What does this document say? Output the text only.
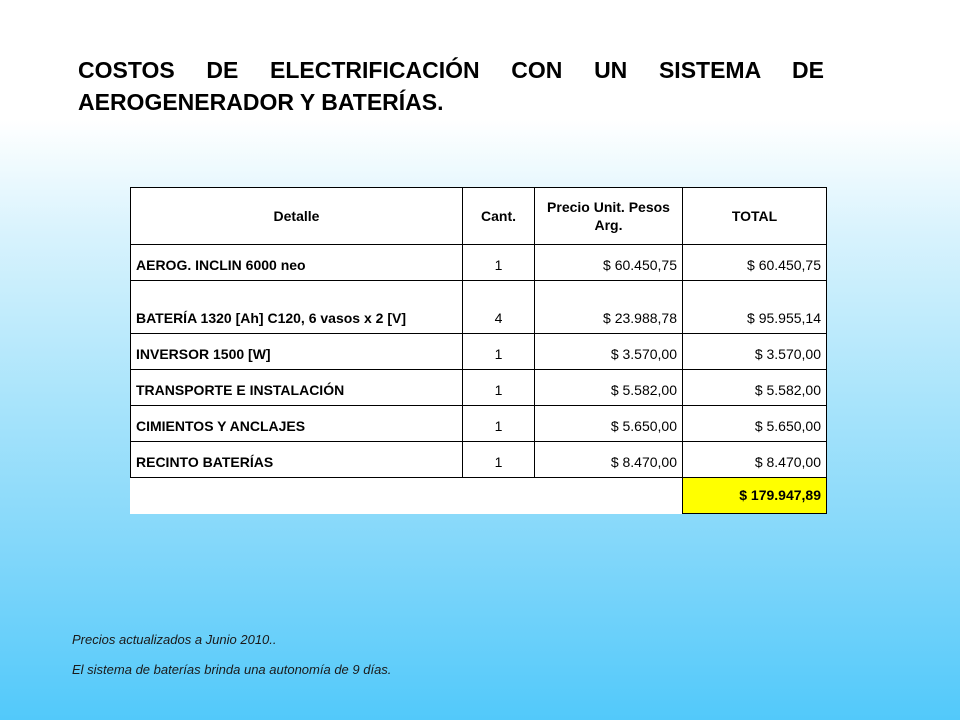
COSTOS DE ELECTRIFICACIÓN CON UN SISTEMA DE AEROGENERADOR Y BATERÍAS.
Detalle	Cant.	Precio Unit. Pesos Arg.	TOTAL
AEROG. INCLIN 6000 neo	1	$ 60.450,75	$ 60.450,75
BATERÍA 1320 [Ah] C120, 6 vasos x 2 [V]	4	$ 23.988,78	$ 95.955,14
INVERSOR 1500 [W]	1	$ 3.570,00	$ 3.570,00
TRANSPORTE E INSTALACIÓN	1	$ 5.582,00	$ 5.582,00
CIMIENTOS Y ANCLAJES	1	$ 5.650,00	$ 5.650,00
RECINTO BATERÍAS	1	$ 8.470,00	$ 8.470,00
			$ 179.947,89

Precios actualizados a Junio 2010..

El sistema de baterías brinda una autonomía de 9 días.
